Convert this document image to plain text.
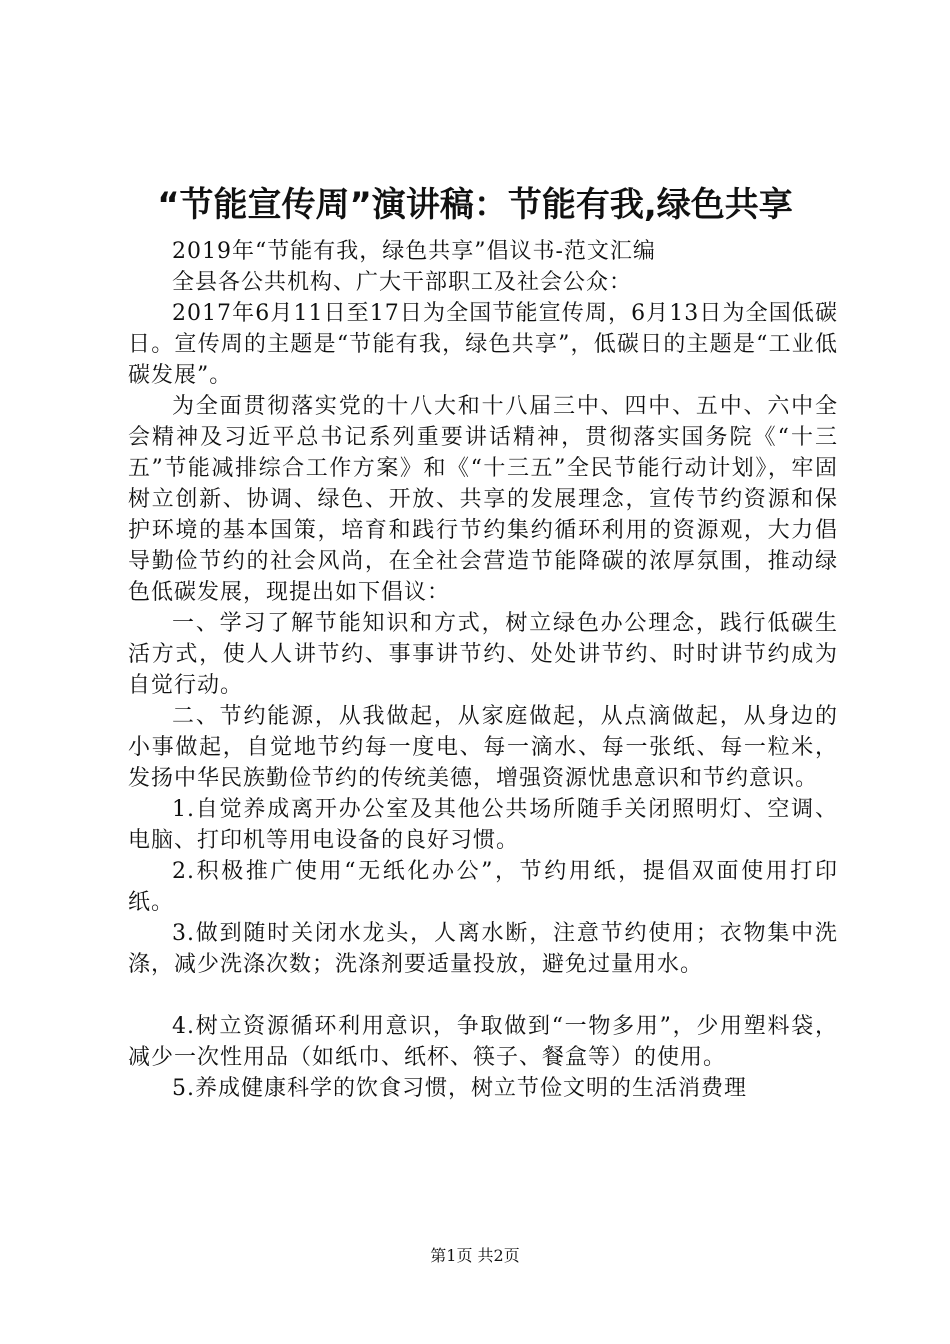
“节能宣传周”演讲稿：节能有我,绿色共享

2019年“节能有我，绿色共享”倡议书-范文汇编

全县各公共机构、广大干部职工及社会公众：

2017年6月11日至17日为全国节能宣传周，6月13日为全国低碳日。宣传周的主题是“节能有我，绿色共享”，低碳日的主题是“工业低碳发展”。

为全面贯彻落实党的十八大和十八届三中、四中、五中、六中全会精神及习近平总书记系列重要讲话精神，贯彻落实国务院《“十三五”节能减排综合工作方案》和《“十三五”全民节能行动计划》，牢固树立创新、协调、绿色、开放、共享的发展理念，宣传节约资源和保护环境的基本国策，培育和践行节约集约循环利用的资源观，大力倡导勤俭节约的社会风尚，在全社会营造节能降碳的浓厚氛围，推动绿色低碳发展，现提出如下倡议：

一、学习了解节能知识和方式，树立绿色办公理念，践行低碳生活方式，使人人讲节约、事事讲节约、处处讲节约、时时讲节约成为自觉行动。

二、节约能源，从我做起，从家庭做起，从点滴做起，从身边的小事做起，自觉地节约每一度电、每一滴水、每一张纸、每一粒米，发扬中华民族勤俭节约的传统美德，增强资源忧患意识和节约意识。

1.自觉养成离开办公室及其他公共场所随手关闭照明灯、空调、电脑、打印机等用电设备的良好习惯。

2.积极推广使用“无纸化办公”，节约用纸，提倡双面使用打印纸。

3.做到随时关闭水龙头，人离水断，注意节约使用；衣物集中洗涤，减少洗涤次数；洗涤剂要适量投放，避免过量用水。

4.树立资源循环利用意识，争取做到“一物多用”，少用塑料袋，减少一次性用品（如纸巾、纸杯、筷子、餐盒等）的使用。

5.养成健康科学的饮食习惯，树立节俭文明的生活消费理

第1页 共2页
